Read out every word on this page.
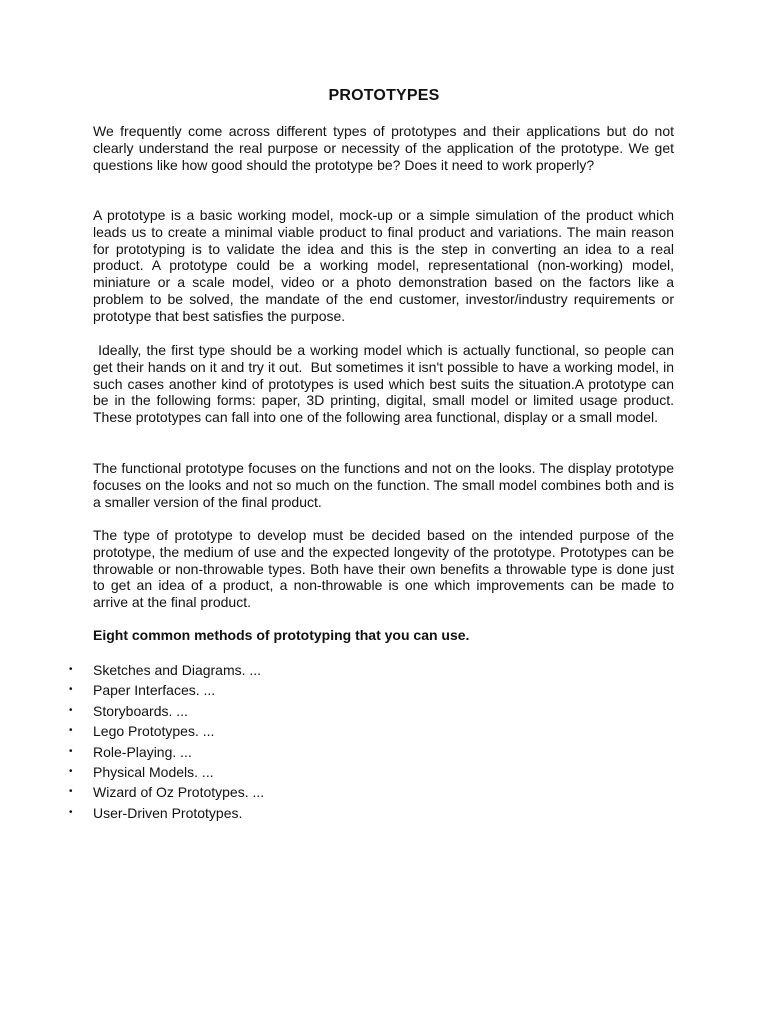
PROTOTYPES

We frequently come across different types of prototypes and their applications but do not clearly understand the real purpose or necessity of the application of the prototype. We get questions like how good should the prototype be? Does it need to work properly?

A prototype is a basic working model, mock-up or a simple simulation of the product which leads us to create a minimal viable product to final product and variations. The main reason for prototyping is to validate the idea and this is the step in converting an idea to a real product. A prototype could be a working model, representational (non-working) model, miniature or a scale model, video or a photo demonstration based on the factors like a problem to be solved, the mandate of the end customer, investor/industry requirements or prototype that best satisfies the purpose.

Ideally, the first type should be a working model which is actually functional, so people can get their hands on it and try it out.  But sometimes it isn't possible to have a working model, in such cases another kind of prototypes is used which best suits the situation.A prototype can be in the following forms: paper, 3D printing, digital, small model or limited usage product. These prototypes can fall into one of the following area functional, display or a small model.

The functional prototype focuses on the functions and not on the looks. The display prototype focuses on the looks and not so much on the function. The small model combines both and is a smaller version of the final product.

The type of prototype to develop must be decided based on the intended purpose of the prototype, the medium of use and the expected longevity of the prototype. Prototypes can be throwable or non-throwable types. Both have their own benefits a throwable type is done just to get an idea of a product, a non-throwable is one which improvements can be made to arrive at the final product.

Eight common methods of prototyping that you can use.
•	Sketches and Diagrams. ...
•	Paper Interfaces. ...
•	Storyboards. ...
•	Lego Prototypes. ...
•	Role-Playing. ...
•	Physical Models. ...
•	Wizard of Oz Prototypes. ...
•	User-Driven Prototypes.
